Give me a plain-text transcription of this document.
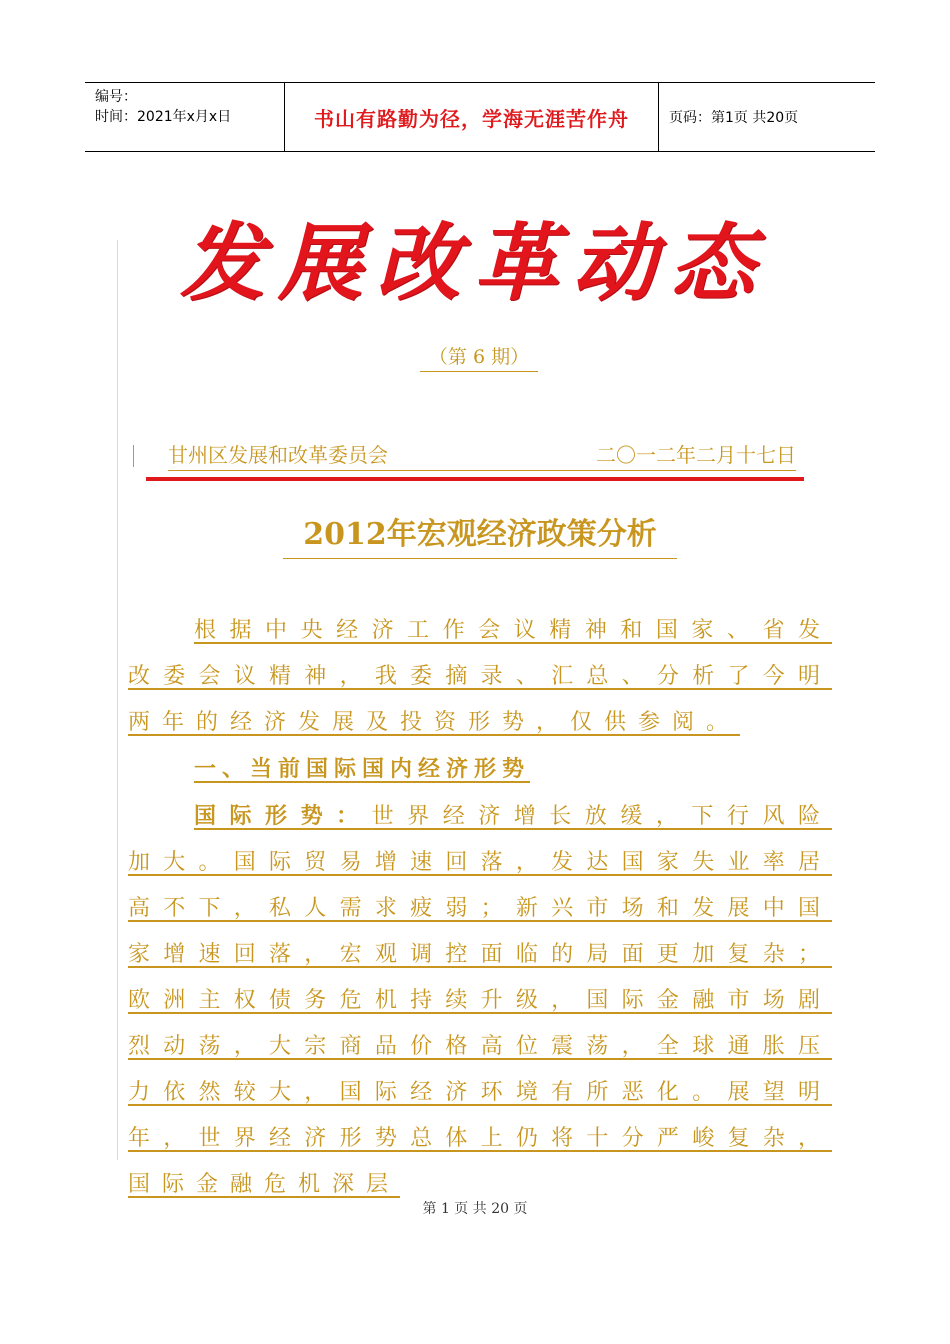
编号：
时间：2021年x月x日	书山有路勤为径，学海无涯苦作舟	页码：第1页 共20页
发展改革动态
（第 6 期）
甘州区发展和改革委员会	二〇一二年二月十七日
2012年宏观经济政策分析

根据中央经济工作会议精神和国家、省发改委会议精神，我委摘录、汇总、分析了今明两年的经济发展及投资形势，仅供参阅。

一、当前国际国内经济形势

国际形势：世界经济增长放缓，下行风险加大。国际贸易增速回落，发达国家失业率居高不下，私人需求疲弱；新兴市场和发展中国家增速回落，宏观调控面临的局面更加复杂；欧洲主权债务危机持续升级，国际金融市场剧烈动荡，大宗商品价格高位震荡，全球通胀压力依然较大，国际经济环境有所恶化。展望明年，世界经济形势总体上仍将十分严峻复杂，国际金融危机深层

第 1 页 共 20 页
